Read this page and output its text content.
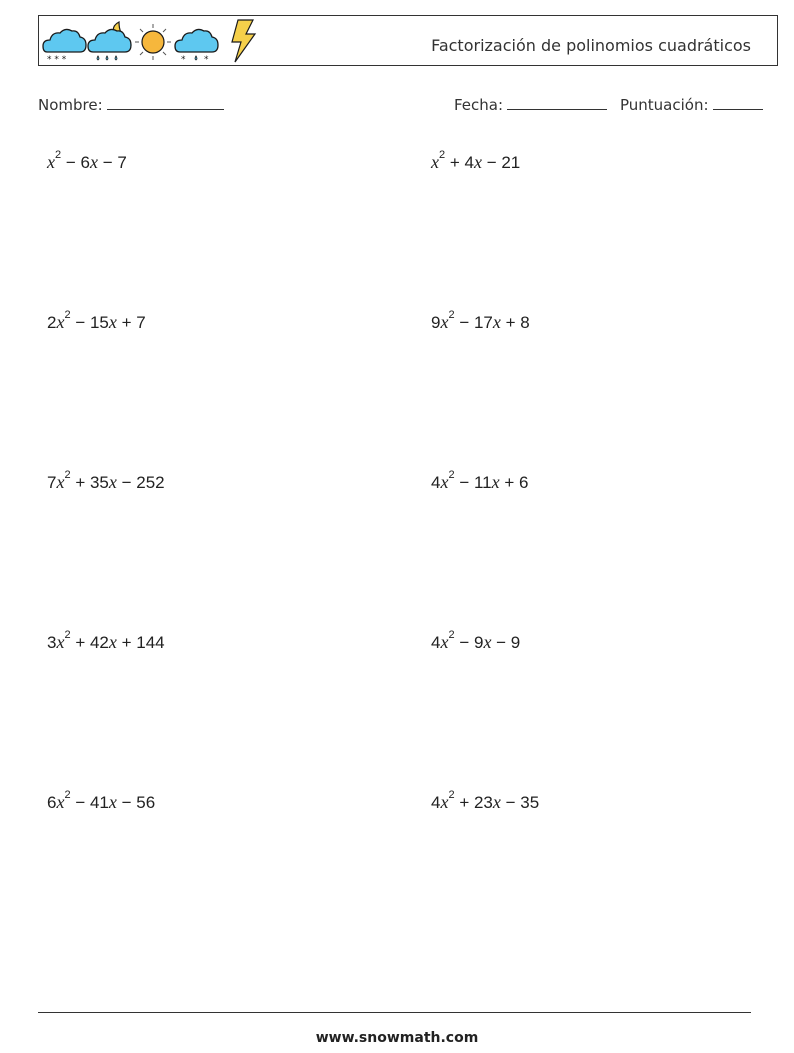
* * *	* *
Factorización de polinomios cuadráticos
Nombre:	Fecha:	Puntuación:
$x^2 - 6x - 7$	$x^2 + 4x - 21$
$2x^2 - 15x + 7$	$9x^2 - 17x + 8$
$7x^2 + 35x - 252$	$4x^2 - 11x + 6$
$3x^2 + 42x + 144$	$4x^2 - 9x - 9$
$6x^2 - 41x - 56$	$4x^2 + 23x - 35$
www.snowmath.com
